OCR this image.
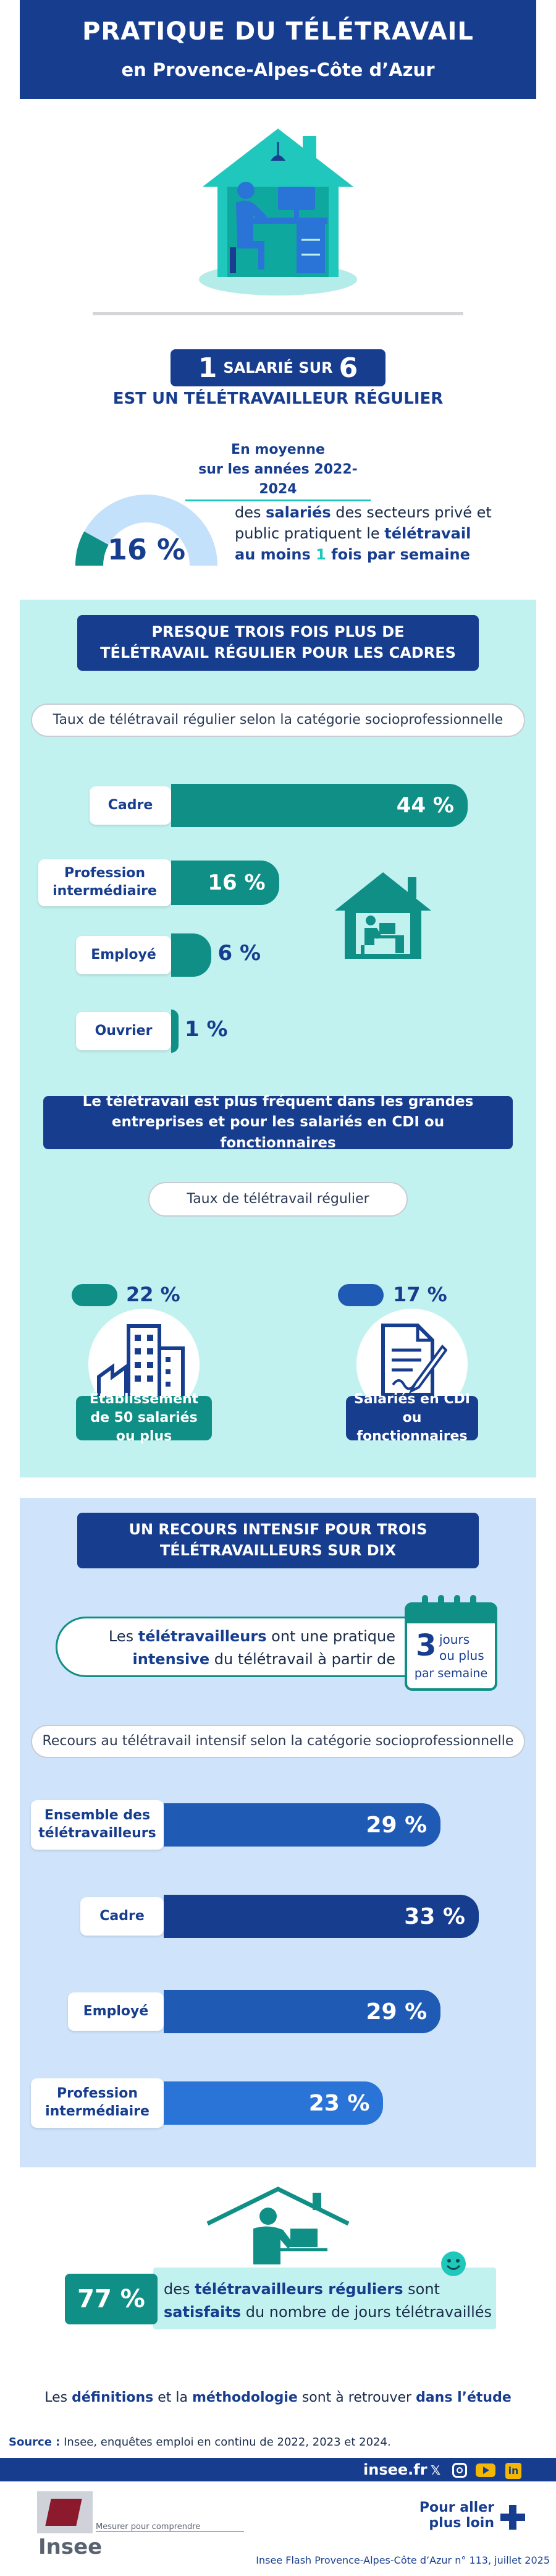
PRATIQUE DU TÉLÉTRAVAIL
en Provence-Alpes-Côte d’Azur
1 SALARIÉ SUR 6
EST UN TÉLÉTRAVAILLEUR RÉGULIER
En moyenne
sur les années 2022-2024
16 %
des salariés des secteurs privé et public pratiquent le télétravail
au moins 1 fois par semaine
PRESQUE TROIS FOIS PLUS DE TÉLÉTRAVAIL RÉGULIER POUR LES CADRES
Taux de télétravail régulier selon la catégorie socioprofessionnelle
Cadre	44 %
Profession intermédiaire	16 %
Employé	6 %
Ouvrier	1 %
Le télétravail est plus fréquent dans les grandes entreprises et pour les salariés en CDI ou fonctionnaires
Taux de télétravail régulier
22 %
Établissement de 50 salariés ou plus
17 %
Salariés en CDI ou fonctionnaires
UN RECOURS INTENSIF POUR TROIS TÉLÉTRAVAILLEURS SUR DIX
Les télétravailleurs ont une pratique
intensive du télétravail à partir de 3 jours
ou plus
par semaine
Recours au télétravail intensif selon la catégorie socioprofessionnelle
Ensemble des télétravailleurs	29 %
Cadre	33 %
Employé	29 %
Profession intermédiaire	23 %
77 %	des télétravailleurs réguliers sont
satisfaits du nombre de jours télétravaillés
Les définitions et la méthodologie sont à retrouver dans l’étude
Source : Insee, enquêtes emploi en continu de 2022, 2023 et 2024.
insee.fr 𝕏	in
Insee
Mesurer pour comprendre
Pour aller
plus loin
Insee Flash Provence-Alpes-Côte d’Azur n° 113, juillet 2025
